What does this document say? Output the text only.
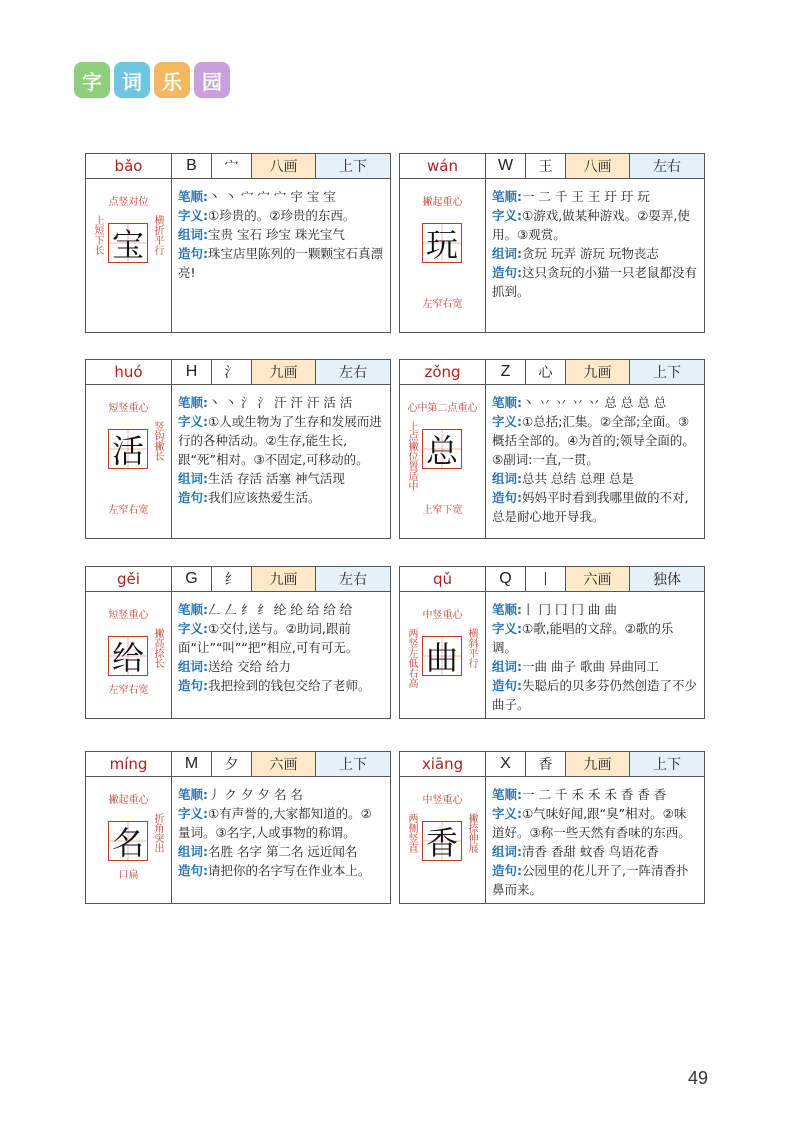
字	词	乐	园
bǎo	B	宀	八画	上下
点竖对位
上短下长 宝 横折平行
笔顺:丶 丶 宀 宀 宀 宇 宝 宝
字义:①珍贵的。②珍贵的东西。
组词:宝贵 宝石 珍宝 珠光宝气
造句:珠宝店里陈列的一颗颗宝石真漂亮!
wán	W	王	八画	左右
撇起重心
玩
左窄右宽
笔顺:一 二 千 王 王 玗 玗 玩
字义:①游戏,做某种游戏。②耍弄,使用。③观赏。
组词:贪玩 玩弄 游玩 玩物丧志
造句:这只贪玩的小猫一只老鼠都没有抓到。
huó	H	氵	九画	左右
短竖重心
活 竖钩撇长
左窄右宽
笔顺:丶 丶 氵 氵 汗 汗 汗 活 活
字义:①人或生物为了生存和发展而进行的各种活动。②生存,能生长,跟“死”相对。③不固定,可移动的。
组词:生活 存活 活塞 神气活现
造句:我们应该热爱生活。
zǒng	Z	心	九画	上下
心中第二点重心
上点撇位置适中 总
上窄下宽
笔顺:丶 丷 丷 丷 丷 总 总 总 总
字义:①总括;汇集。②全部;全面。③概括全部的。④为首的;领导全面的。⑤副词:一直,一贯。
组词:总共 总结 总理 总是
造句:妈妈平时看到我哪里做的不对,总是耐心地开导我。
gěi	G	纟	九画	左右
短竖重心
给 撇高捺长
左窄右宽
笔顺:𠃋 𠃋 纟 纟 纶 纶 给 给 给
字义:①交付,送与。②助词,跟前面“让”“叫”“把”相应,可有可无。
组词:送给 交给 给力
造句:我把捡到的钱包交给了老师。
qǔ	Q	丨	六画	独体
中竖重心
两竖左低右高 曲 横斜平行
笔顺:丨 冂 冂 冂 曲 曲
字义:①歌,能唱的文辞。②歌的乐调。
组词:一曲 曲子 歌曲 异曲同工
造句:失聪后的贝多芬仍然创造了不少曲子。
míng	M	夕	六画	上下
撇起重心
名 折角突出
口扁
笔顺:丿 ク 夕 夕 名 名
字义:①有声誉的,大家都知道的。②量词。③名字,人或事物的称谓。
组词:名胜 名字 第二名 远近闻名
造句:请把你的名字写在作业本上。
xiāng	X	香	九画	上下
中竖重心
两侧竖直 香 撇捺伸展
笔顺:一 二 千 禾 禾 禾 香 香 香
字义:①气味好闻,跟“臭”相对。②味道好。③称一些天然有香味的东西。
组词:清香 香甜 蚊香 鸟语花香
造句:公园里的花儿开了,一阵清香扑鼻而来。
49
